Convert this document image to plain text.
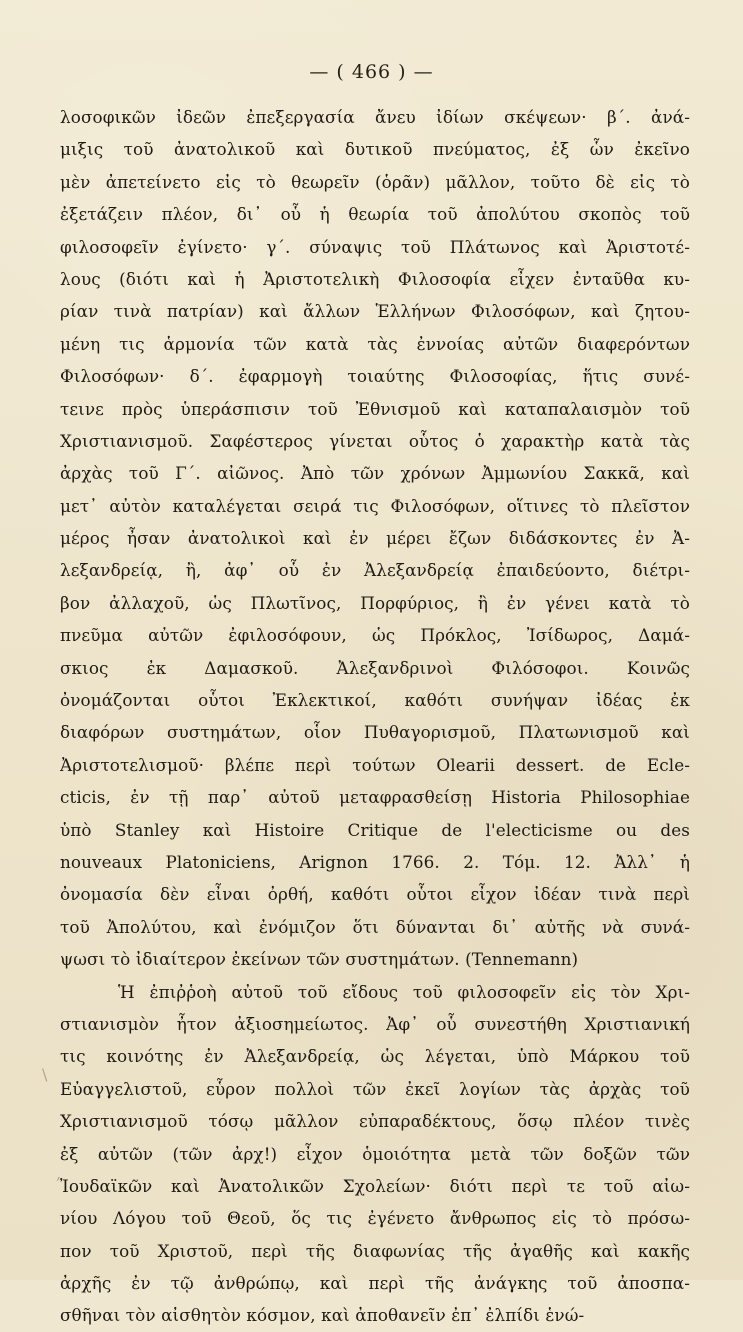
— ( 466 ) —
λοσοφικῶν ἰδεῶν ἐπεξεργασία ἄνευ ἰδίων σκέψεων· β΄. ἀνά-
μιξις τοῦ ἀνατολικοῦ καὶ δυτικοῦ πνεύματος, ἐξ ὧν ἐκεῖνο
μὲν ἀπετείνετο εἰς τὸ θεωρεῖν (ὁρᾶν) μᾶλλον, τοῦτο δὲ εἰς τὸ
ἐξετάζειν πλέον, δι᾽ οὗ ἡ θεωρία τοῦ ἀπολύτου σκοπὸς τοῦ
φιλοσοφεῖν ἐγίνετο· γ΄. σύναψις τοῦ Πλάτωνος καὶ Ἀριστοτέ-
λους (διότι καὶ ἡ Ἀριστοτελικὴ Φιλοσοφία εἶχεν ἐνταῦθα κυ-
ρίαν τινὰ πατρίαν) καὶ ἄλλων Ἑλλήνων Φιλοσόφων, καὶ ζητου-
μένη τις ἁρμονία τῶν κατὰ τὰς ἐννοίας αὐτῶν διαφερόντων
Φιλοσόφων· δ΄. ἐφαρμογὴ τοιαύτης Φιλοσοφίας, ἥτις συνέ-
τεινε πρὸς ὑπεράσπισιν τοῦ Ἐθνισμοῦ καὶ καταπαλαισμὸν τοῦ
Χριστιανισμοῦ. Σαφέστερος γίνεται οὗτος ὁ χαρακτὴρ κατὰ τὰς
ἀρχὰς τοῦ Γ΄. αἰῶνος. Ἀπὸ τῶν χρόνων Ἀμμωνίου Σακκᾶ, καὶ
μετ᾽ αὐτὸν καταλέγεται σειρά τις Φιλοσόφων, οἵτινες τὸ πλεῖστον
μέρος ἦσαν ἀνατολικοὶ καὶ ἐν μέρει ἔζων διδάσκοντες ἐν Ἀ-
λεξανδρείᾳ, ἢ, ἀφ᾽ οὗ ἐν Ἀλεξανδρείᾳ ἐπαιδεύοντο, διέτρι-
βον ἀλλαχοῦ, ὡς Πλωτῖνος, Πορφύριος, ἢ ἐν γένει κατὰ τὸ
πνεῦμα αὐτῶν ἐφιλοσόφουν, ὡς Πρόκλος, Ἰσίδωρος, Δαμά-
σκιος ἐκ Δαμασκοῦ. Ἀλεξανδρινοὶ Φιλόσοφοι. Κοινῶς
ὀνομάζονται οὗτοι Ἐκλεκτικοί, καθότι συνήψαν ἰδέας ἐκ
διαφόρων συστημάτων, οἷον Πυθαγορισμοῦ, Πλατωνισμοῦ καὶ
Ἀριστοτελισμοῦ· βλέπε περὶ τούτων Olearii dessert. de Ecle-
cticis, ἐν τῇ παρ᾽ αὐτοῦ μεταφρασθείσῃ Historia Philosophiae
ὑπὸ Stanley καὶ Histoire Critique de l'electicisme ou des
nouveaux Platoniciens, Arignon 1766. 2. Τόμ. 12. Ἀλλ᾽ ἡ
ὀνομασία δὲν εἶναι ὀρθή, καθότι οὗτοι εἶχον ἰδέαν τινὰ περὶ
τοῦ Ἀπολύτου, καὶ ἐνόμιζον ὅτι δύνανται δι᾽ αὐτῆς νὰ συνά-
ψωσι τὸ ἰδιαίτερον ἐκείνων τῶν συστημάτων. (Tennemann)
Ἡ ἐπιῤῥοὴ αὐτοῦ τοῦ εἴδους τοῦ φιλοσοφεῖν εἰς τὸν Χρι-
στιανισμὸν ἦτον ἀξιοσημείωτος. Ἀφ᾽ οὗ συνεστήθη Χριστιανική
τις κοινότης ἐν Ἀλεξανδρείᾳ, ὡς λέγεται, ὑπὸ Μάρκου τοῦ
Εὐαγγελιστοῦ, εὗρον πολλοὶ τῶν ἐκεῖ λογίων τὰς ἀρχὰς τοῦ
Χριστιανισμοῦ τόσῳ μᾶλλον εὐπαραδέκτους, ὅσῳ πλέον τινὲς
ἐξ αὐτῶν (τῶν ἀρχ!) εἶχον ὁμοιότητα μετὰ τῶν δοξῶν τῶν
Ἰουδαϊκῶν καὶ Ἀνατολικῶν Σχολείων· διότι περὶ τε τοῦ αἰω-
νίου Λόγου τοῦ Θεοῦ, ὅς τις ἐγένετο ἄνθρωπος εἰς τὸ πρόσω-
πον τοῦ Χριστοῦ, περὶ τῆς διαφωνίας τῆς ἀγαθῆς καὶ κακῆς
ἀρχῆς ἐν τῷ ἀνθρώπῳ, καὶ περὶ τῆς ἀνάγκης τοῦ ἀποσπα-
σθῆναι τὸν αἰσθητὸν κόσμον, καὶ ἀποθανεῖν ἐπ᾽ ἐλπίδι ἑνώ-
\
,
